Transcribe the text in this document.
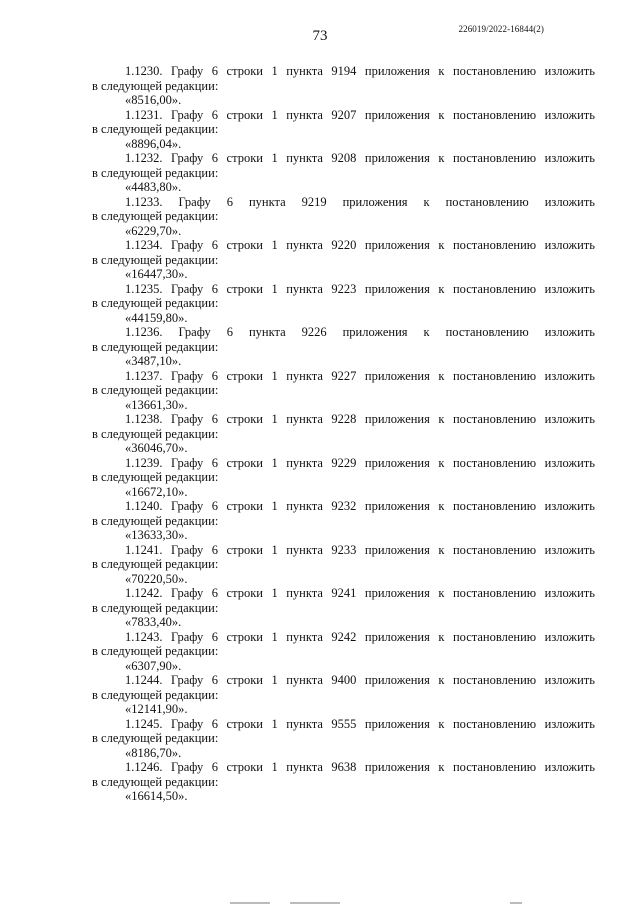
73	226019/2022-16844(2)
1.1230. Графу 6 строки 1 пункта 9194 приложения к постановлению изложить
в следующей редакции:
«8516,00».
1.1231. Графу 6 строки 1 пункта 9207 приложения к постановлению изложить
в следующей редакции:
«8896,04».
1.1232. Графу 6 строки 1 пункта 9208 приложения к постановлению изложить
в следующей редакции:
«4483,80».
1.1233. Графу 6 пункта 9219 приложения к постановлению изложить
в следующей редакции:
«6229,70».
1.1234. Графу 6 строки 1 пункта 9220 приложения к постановлению изложить
в следующей редакции:
«16447,30».
1.1235. Графу 6 строки 1 пункта 9223 приложения к постановлению изложить
в следующей редакции:
«44159,80».
1.1236. Графу 6 пункта 9226 приложения к постановлению изложить
в следующей редакции:
«3487,10».
1.1237. Графу 6 строки 1 пункта 9227 приложения к постановлению изложить
в следующей редакции:
«13661,30».
1.1238. Графу 6 строки 1 пункта 9228 приложения к постановлению изложить
в следующей редакции:
«36046,70».
1.1239. Графу 6 строки 1 пункта 9229 приложения к постановлению изложить
в следующей редакции:
«16672,10».
1.1240. Графу 6 строки 1 пункта 9232 приложения к постановлению изложить
в следующей редакции:
«13633,30».
1.1241. Графу 6 строки 1 пункта 9233 приложения к постановлению изложить
в следующей редакции:
«70220,50».
1.1242. Графу 6 строки 1 пункта 9241 приложения к постановлению изложить
в следующей редакции:
«7833,40».
1.1243. Графу 6 строки 1 пункта 9242 приложения к постановлению изложить
в следующей редакции:
«6307,90».
1.1244. Графу 6 строки 1 пункта 9400 приложения к постановлению изложить
в следующей редакции:
«12141,90».
1.1245. Графу 6 строки 1 пункта 9555 приложения к постановлению изложить
в следующей редакции:
«8186,70».
1.1246. Графу 6 строки 1 пункта 9638 приложения к постановлению изложить
в следующей редакции:
«16614,50».
